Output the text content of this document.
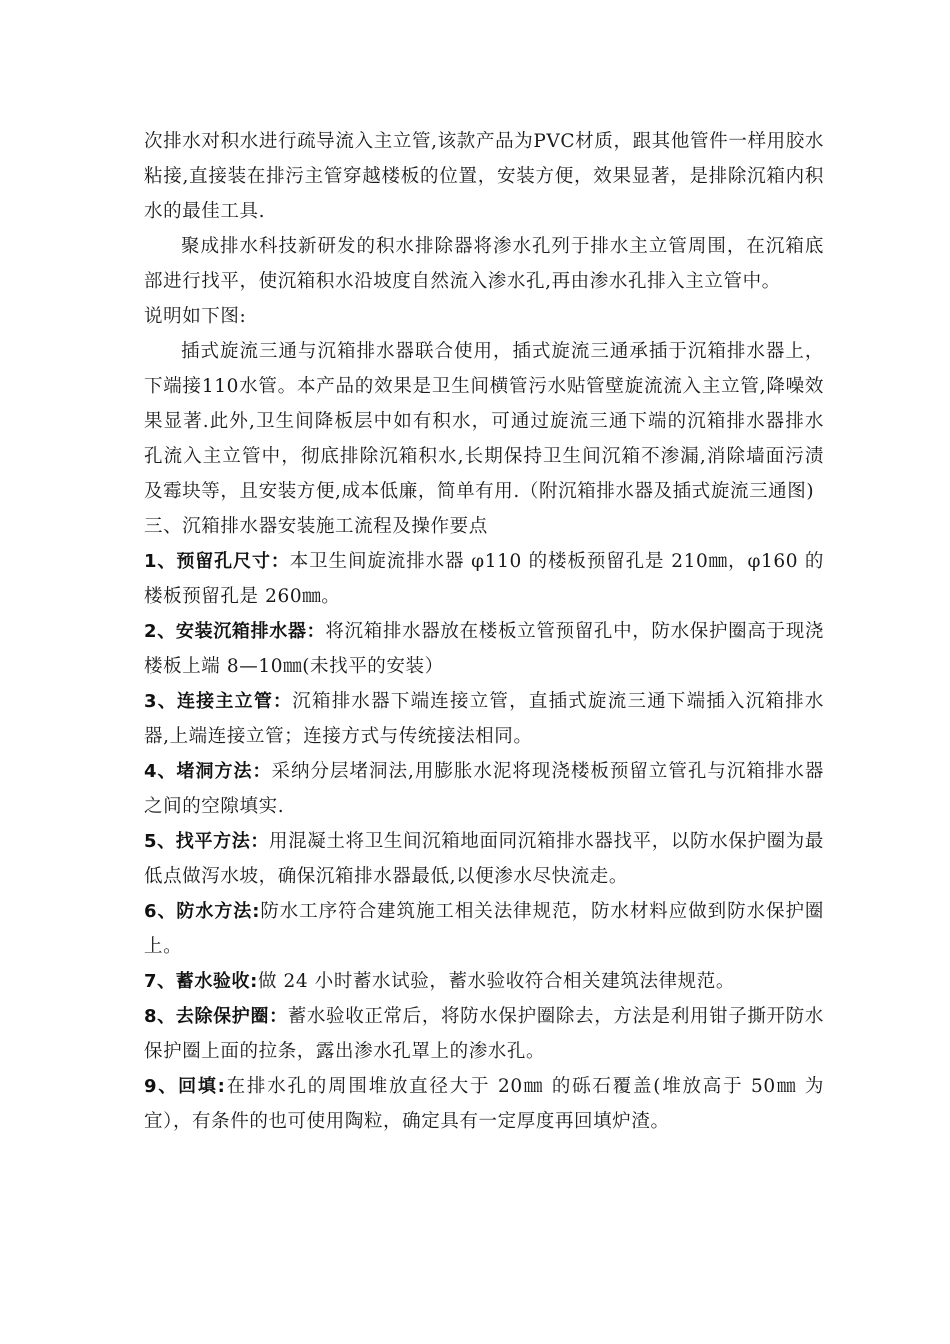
次排水对积水进行疏导流入主立管,该款产品为PVC材质，跟其他管件一样用胶水粘接,直接装在排污主管穿越楼板的位置，安装方便，效果显著，是排除沉箱内积水的最佳工具.

聚成排水科技新研发的积水排除器将渗水孔列于排水主立管周围，在沉箱底部进行找平，使沉箱积水沿坡度自然流入渗水孔,再由渗水孔排入主立管中。

说明如下图:

插式旋流三通与沉箱排水器联合使用，插式旋流三通承插于沉箱排水器上，下端接110水管。本产品的效果是卫生间横管污水贴管壁旋流流入主立管,降噪效果显著.此外,卫生间降板层中如有积水，可通过旋流三通下端的沉箱排水器排水孔流入主立管中，彻底排除沉箱积水,长期保持卫生间沉箱不渗漏,消除墙面污渍及霉块等，且安装方便,成本低廉，简单有用.（附沉箱排水器及插式旋流三通图)

三、沉箱排水器安装施工流程及操作要点

1、预留孔尺寸：本卫生间旋流排水器 φ110 的楼板预留孔是 210㎜，φ160 的楼板预留孔是 260㎜。

2、安装沉箱排水器：将沉箱排水器放在楼板立管预留孔中，防水保护圈高于现浇楼板上端 8—10㎜(未找平的安装）

3、连接主立管：沉箱排水器下端连接立管，直插式旋流三通下端插入沉箱排水器,上端连接立管；连接方式与传统接法相同。

4、堵洞方法：采纳分层堵洞法,用膨胀水泥将现浇楼板预留立管孔与沉箱排水器之间的空隙填实.

5、找平方法：用混凝土将卫生间沉箱地面同沉箱排水器找平，以防水保护圈为最低点做泻水坡，确保沉箱排水器最低,以便渗水尽快流走。

6、防水方法:防水工序符合建筑施工相关法律规范，防水材料应做到防水保护圈上。

7、蓄水验收:做 24 小时蓄水试验，蓄水验收符合相关建筑法律规范。

8、去除保护圈：蓄水验收正常后，将防水保护圈除去，方法是利用钳子撕开防水保护圈上面的拉条，露出渗水孔罩上的渗水孔。

9、回填:在排水孔的周围堆放直径大于 20㎜ 的砾石覆盖(堆放高于 50㎜ 为宜），有条件的也可使用陶粒，确定具有一定厚度再回填炉渣。
